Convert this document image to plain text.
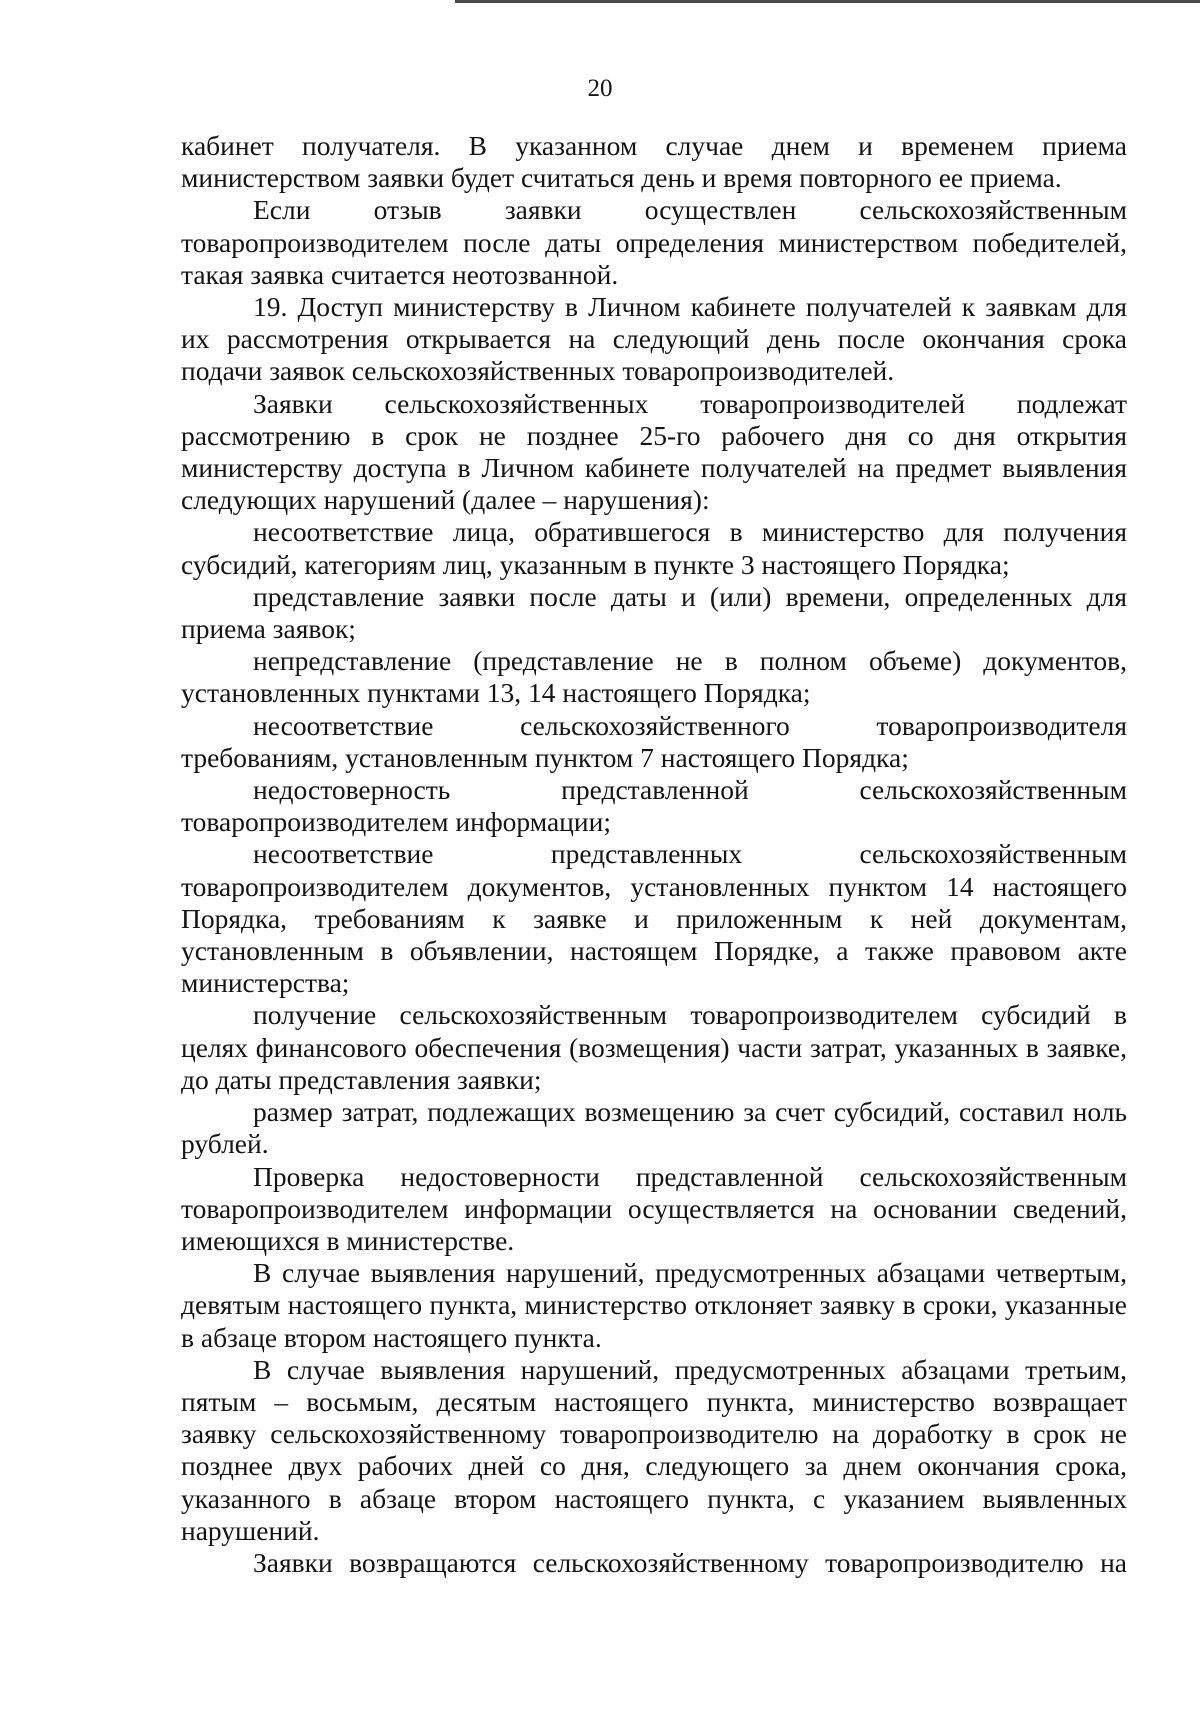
20

кабинет получателя. В указанном случае днем и временем приема министерством заявки будет считаться день и время повторного ее приема.

Если отзыв заявки осуществлен сельскохозяйственным товаропроизводителем после даты определения министерством победителей, такая заявка считается неотозванной.

19. Доступ министерству в Личном кабинете получателей к заявкам для их рассмотрения открывается на следующий день после окончания срока подачи заявок сельскохозяйственных товаропроизводителей.

Заявки сельскохозяйственных товаропроизводителей подлежат рассмотрению в срок не позднее 25-го рабочего дня со дня открытия министерству доступа в Личном кабинете получателей на предмет выявления следующих нарушений (далее – нарушения):

несоответствие лица, обратившегося в министерство для получения субсидий, категориям лиц, указанным в пункте 3 настоящего Порядка;

представление заявки после даты и (или) времени, определенных для приема заявок;

непредставление (представление не в полном объеме) документов, установленных пунктами 13, 14 настоящего Порядка;

несоответствие сельскохозяйственного товаропроизводителя требованиям, установленным пунктом 7 настоящего Порядка;

недостоверность представленной сельскохозяйственным товаропроизводителем информации;

несоответствие представленных сельскохозяйственным товаропроизводителем документов, установленных пунктом 14 настоящего Порядка, требованиям к заявке и приложенным к ней документам, установленным в объявлении, настоящем Порядке, а также правовом акте министерства;

получение сельскохозяйственным товаропроизводителем субсидий в целях финансового обеспечения (возмещения) части затрат, указанных в заявке, до даты представления заявки;

размер затрат, подлежащих возмещению за счет субсидий, составил ноль рублей.

Проверка недостоверности представленной сельскохозяйственным товаропроизводителем информации осуществляется на основании сведений, имеющихся в министерстве.

В случае выявления нарушений, предусмотренных абзацами четвертым, девятым настоящего пункта, министерство отклоняет заявку в сроки, указанные в абзаце втором настоящего пункта.

В случае выявления нарушений, предусмотренных абзацами третьим, пятым – восьмым, десятым настоящего пункта, министерство возвращает заявку сельскохозяйственному товаропроизводителю на доработку в срок не позднее двух рабочих дней со дня, следующего за днем окончания срока, указанного в абзаце втором настоящего пункта, с указанием выявленных нарушений.

Заявки возвращаются сельскохозяйственному товаропроизводителю на
